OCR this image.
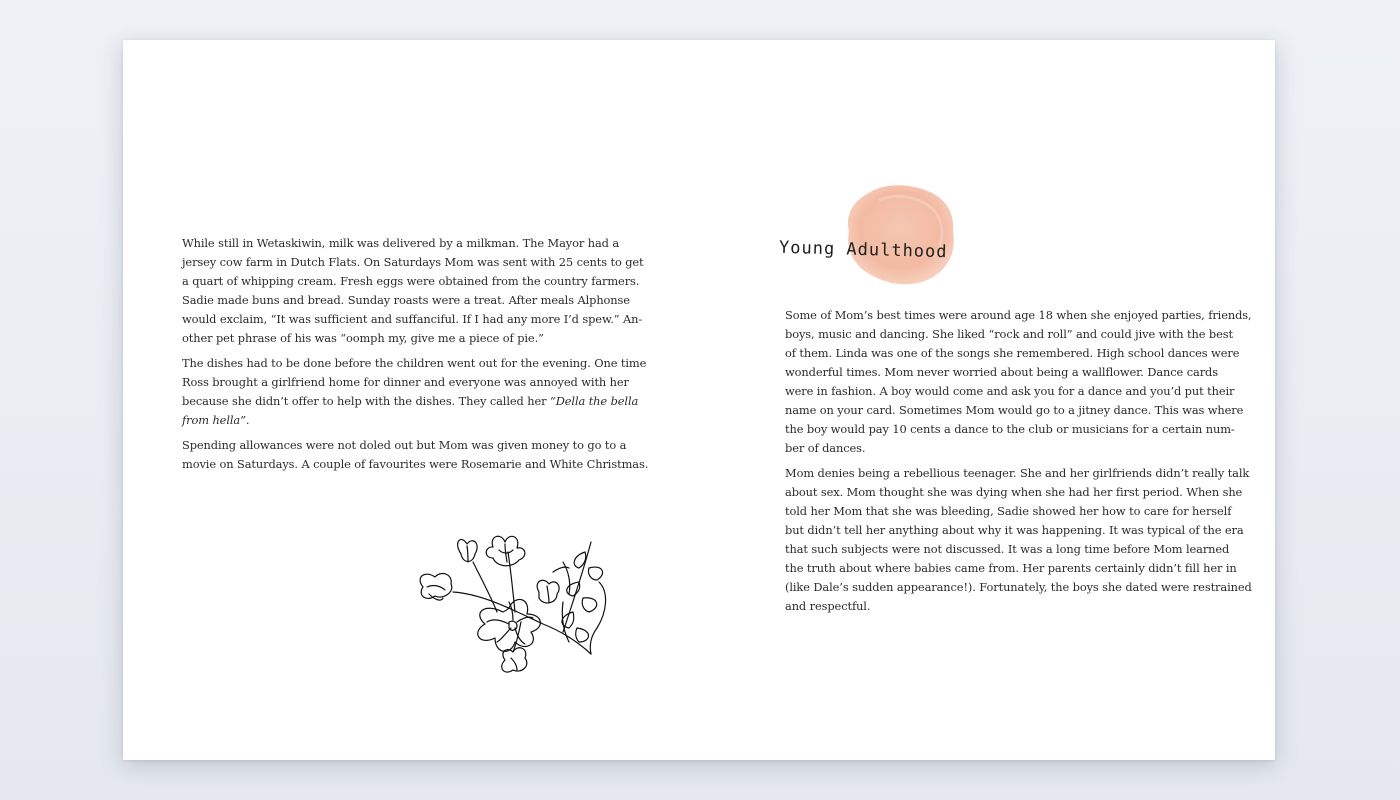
While still in Wetaskiwin, milk was delivered by a milkman. The Mayor had a
jersey cow farm in Dutch Flats. On Saturdays Mom was sent with 25 cents to get
a quart of whipping cream. Fresh eggs were obtained from the country farmers.
Sadie made buns and bread. Sunday roasts were a treat. After meals Alphonse
would exclaim, “It was sufficient and suffanciful. If I had any more I’d spew.” An-
other pet phrase of his was “oomph my, give me a piece of pie.”

The dishes had to be done before the children went out for the evening. One time
Ross brought a girlfriend home for dinner and everyone was annoyed with her
because she didn’t offer to help with the dishes. They called her “Della the bella
from hella”.

Spending allowances were not doled out but Mom was given money to go to a
movie on Saturdays. A couple of favourites were Rosemarie and White Christmas.

Young Adulthood

Some of Mom’s best times were around age 18 when she enjoyed parties, friends,
boys, music and dancing. She liked “rock and roll” and could jive with the best
of them. Linda was one of the songs she remembered. High school dances were
wonderful times. Mom never worried about being a wallflower. Dance cards
were in fashion. A boy would come and ask you for a dance and you’d put their
name on your card. Sometimes Mom would go to a jitney dance. This was where
the boy would pay 10 cents a dance to the club or musicians for a certain num-
ber of dances.

Mom denies being a rebellious teenager. She and her girlfriends didn’t really talk
about sex. Mom thought she was dying when she had her first period. When she
told her Mom that she was bleeding, Sadie showed her how to care for herself
but didn’t tell her anything about why it was happening. It was typical of the era
that such subjects were not discussed. It was a long time before Mom learned
the truth about where babies came from. Her parents certainly didn’t fill her in
(like Dale’s sudden appearance!). Fortunately, the boys she dated were restrained
and respectful.
